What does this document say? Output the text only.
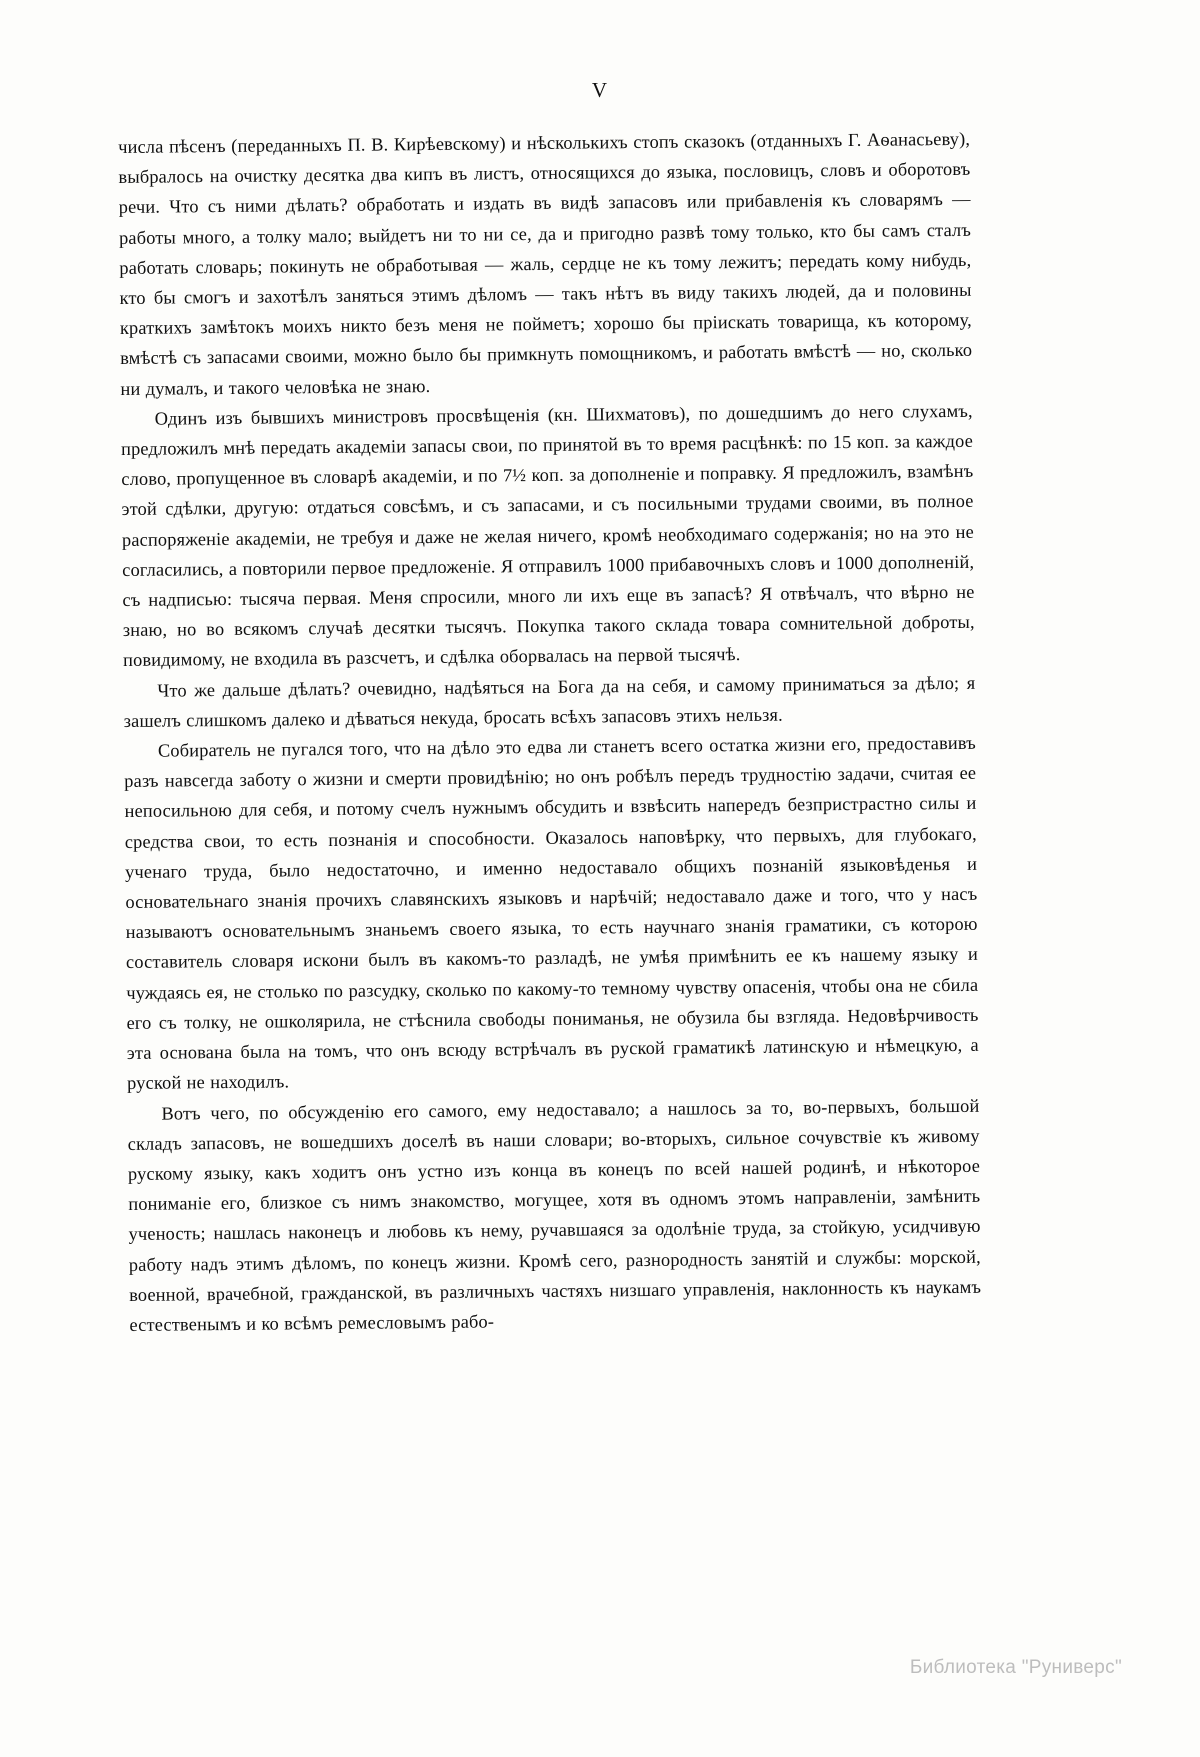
V

числа пѣсенъ (переданныхъ П. В. Кирѣевскому) и нѣсколькихъ стопъ сказокъ (отданныхъ Г. Аѳанасьеву), выбралось на очистку десятка два кипъ въ листъ, относящихся до языка, пословицъ, словъ и оборотовъ речи. Что съ ними дѣлать? обработать и издать въ видѣ запасовъ или прибавленія къ словарямъ — работы много, а толку мало; выйдетъ ни то ни се, да и пригодно развѣ тому только, кто бы самъ сталъ работать словарь; покинуть не обработывая — жаль, сердце не къ тому лежитъ; передать кому нибудь, кто бы смогъ и захотѣлъ заняться этимъ дѣломъ — такъ нѣтъ въ виду такихъ людей, да и половины краткихъ замѣтокъ моихъ никто безъ меня не пойметъ; хорошо бы пріискать товарища, къ которому, вмѣстѣ съ запасами своими, можно было бы примкнуть помощникомъ, и работать вмѣстѣ — но, сколько ни думалъ, и такого человѣка не знаю.

Одинъ изъ бывшихъ министровъ просвѣщенія (кн. Шихматовъ), по дошедшимъ до него слухамъ, предложилъ мнѣ передать академіи запасы свои, по принятой въ то время расцѣнкѣ: по 15 коп. за каждое слово, пропущенное въ словарѣ академіи, и по 7½ коп. за дополненіе и поправку. Я предложилъ, взамѣнъ этой сдѣлки, другую: отдаться совсѣмъ, и съ запасами, и съ посильными трудами своими, въ полное распоряженіе академіи, не требуя и даже не желая ничего, кромѣ необходимаго содержанія; но на это не согласились, а повторили первое предложеніе. Я отправилъ 1000 прибавочныхъ словъ и 1000 дополненій, съ надписью: тысяча первая. Меня спросили, много ли ихъ еще въ запасѣ? Я отвѣчалъ, что вѣрно не знаю, но во всякомъ случаѣ десятки тысячъ. Покупка такого склада товара сомнительной доброты, повидимому, не входила въ разсчетъ, и сдѣлка оборвалась на первой тысячѣ.

Что же дальше дѣлать? очевидно, надѣяться на Бога да на себя, и самому приниматься за дѣло; я зашелъ слишкомъ далеко и дѣваться некуда, бросать всѣхъ запасовъ этихъ нельзя.

Собиратель не пугался того, что на дѣло это едва ли станетъ всего остатка жизни его, предоставивъ разъ навсегда заботу о жизни и смерти провидѣнію; но онъ робѣлъ передъ трудностію задачи, считая ее непосильною для себя, и потому счелъ нужнымъ обсудить и взвѣсить напередъ безпристрастно силы и средства свои, то есть познанія и способности. Оказалось наповѣрку, что первыхъ, для глубокаго, ученаго труда, было недостаточно, и именно недоставало общихъ познаній языковѣденья и основательнаго знанія прочихъ славянскихъ языковъ и нарѣчій; недоставало даже и того, что у насъ называютъ основательнымъ знаньемъ своего языка, то есть научнаго знанія граматики, съ которою составитель словаря искони былъ въ какомъ-то разладѣ, не умѣя примѣнить ее къ нашему языку и чуждаясь ея, не столько по разсудку, сколько по какому-то темному чувству опасенія, чтобы она не сбила его съ толку, не ошколярила, не стѣснила свободы пониманья, не обузила бы взгляда. Недовѣрчивость эта основана была на томъ, что онъ всюду встрѣчалъ въ руской граматикѣ латинскую и нѣмецкую, а руской не находилъ.

Вотъ чего, по обсужденію его самого, ему недоставало; а нашлось за то, во-первыхъ, большой складъ запасовъ, не вошедшихъ доселѣ въ наши словари; во-вторыхъ, сильное сочувствіе къ живому рускому языку, какъ ходитъ онъ устно изъ конца въ конецъ по всей нашей родинѣ, и нѣкоторое пониманіе его, близкое съ нимъ знакомство, могущее, хотя въ одномъ этомъ направленіи, замѣнить ученость; нашлась наконецъ и любовь къ нему, ручавшаяся за одолѣніе труда, за стойкую, усидчивую работу надъ этимъ дѣломъ, по конецъ жизни. Кромѣ сего, разнородность занятій и службы: морской, военной, врачебной, гражданской, въ различныхъ частяхъ низшаго управленія, наклонность къ наукамъ естественымъ и ко всѣмъ ремесловымъ рабо-

Библиотека "Руниверс"
